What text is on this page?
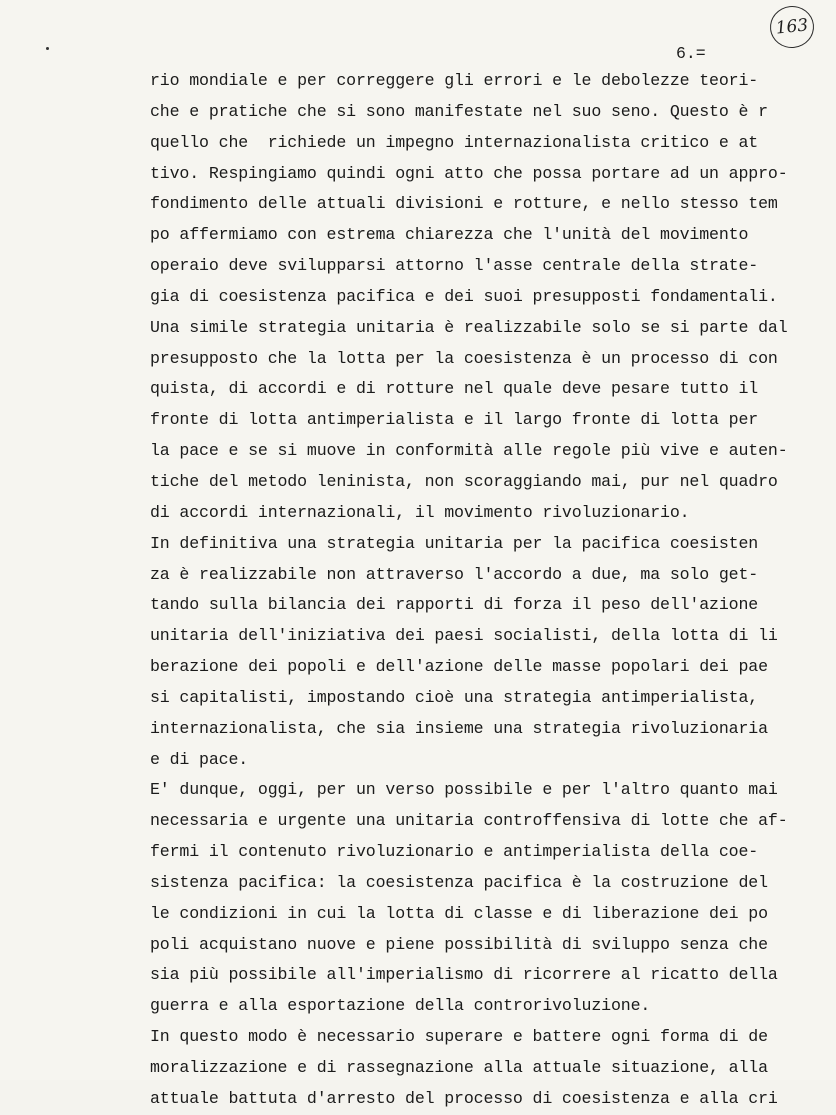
163
6.=
rio mondiale e per correggere gli errori e le debolezze teori-
che e pratiche che si sono manifestate nel suo seno. Questo è r
quello che  richiede un impegno internazionalista critico e at
tivo. Respingiamo quindi ogni atto che possa portare ad un appro-
fondimento delle attuali divisioni e rotture, e nello stesso tem
po affermiamo con estrema chiarezza che l'unità del movimento
operaio deve svilupparsi attorno l'asse centrale della strate-
gia di coesistenza pacifica e dei suoi presupposti fondamentali.
Una simile strategia unitaria è realizzabile solo se si parte dal
presupposto che la lotta per la coesistenza è un processo di con
quista, di accordi e di rotture nel quale deve pesare tutto il
fronte di lotta antimperialista e il largo fronte di lotta per
la pace e se si muove in conformità alle regole più vive e auten-
tiche del metodo leninista, non scoraggiando mai, pur nel quadro
di accordi internazionali, il movimento rivoluzionario.
In definitiva una strategia unitaria per la pacifica coesisten
za è realizzabile non attraverso l'accordo a due, ma solo get-
tando sulla bilancia dei rapporti di forza il peso dell'azione
unitaria dell'iniziativa dei paesi socialisti, della lotta di li
berazione dei popoli e dell'azione delle masse popolari dei pae
si capitalisti, impostando cioè una strategia antimperialista,
internazionalista, che sia insieme una strategia rivoluzionaria
e di pace.
E' dunque, oggi, per un verso possibile e per l'altro quanto mai
necessaria e urgente una unitaria controffensiva di lotte che af-
fermi il contenuto rivoluzionario e antimperialista della coe-
sistenza pacifica: la coesistenza pacifica è la costruzione del
le condizioni in cui la lotta di classe e di liberazione dei po
poli acquistano nuove e piene possibilità di sviluppo senza che
sia più possibile all'imperialismo di ricorrere al ricatto della
guerra e alla esportazione della controrivoluzione.
In questo modo è necessario superare e battere ogni forma di de
moralizzazione e di rassegnazione alla attuale situazione, alla
attuale battuta d'arresto del processo di coesistenza e alla cri
